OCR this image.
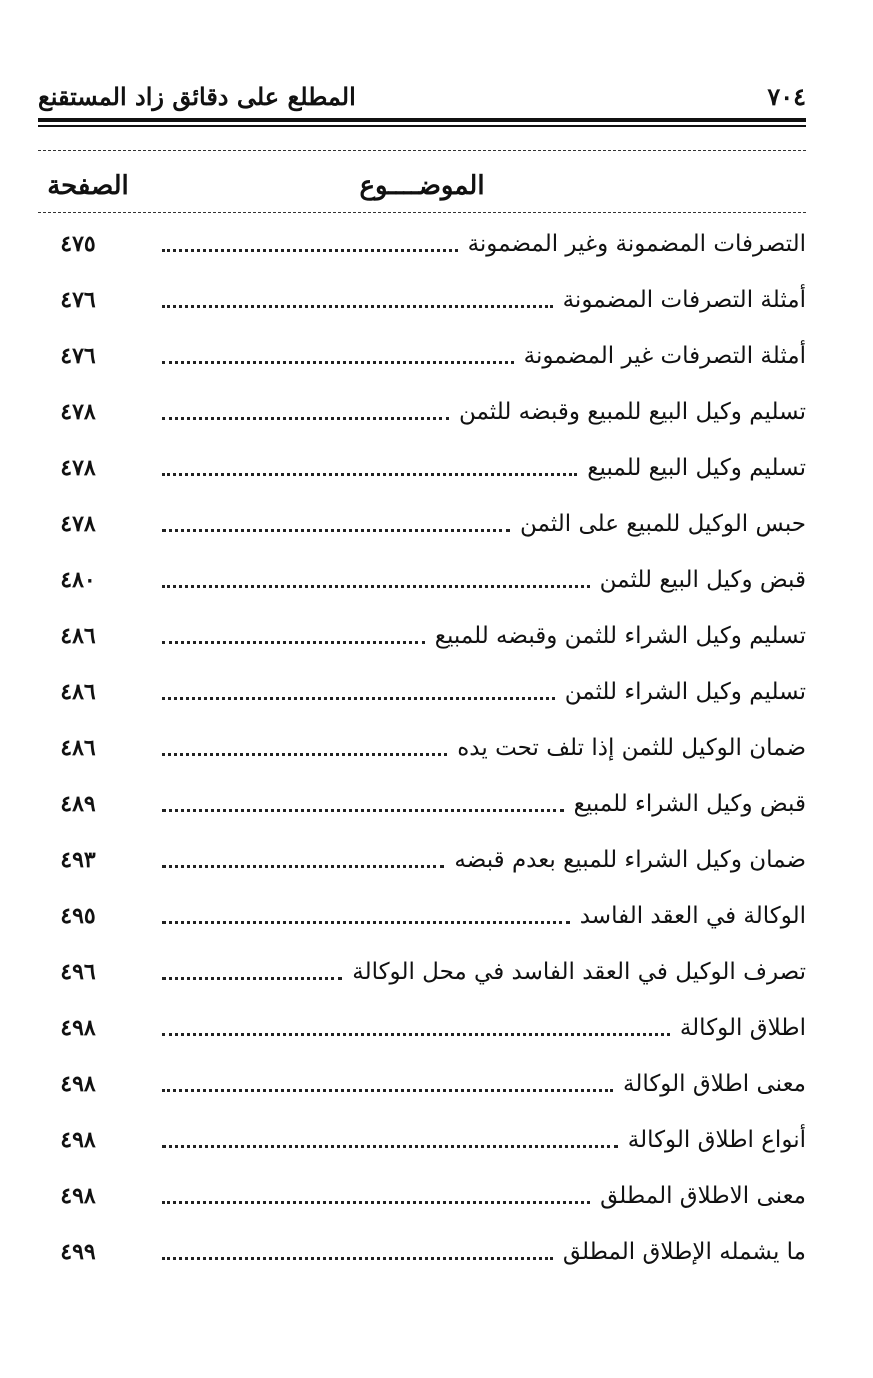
٧٠٤
المطلع على دقائق زاد المستقنع
الموضــــوع
الصفحة
التصرفات المضمونة وغير المضمونة
٤٧٥
أمثلة التصرفات المضمونة
٤٧٦
أمثلة التصرفات غير المضمونة
٤٧٦
تسليم وكيل البيع للمبيع وقبضه للثمن
٤٧٨
تسليم وكيل البيع للمبيع
٤٧٨
حبس الوكيل للمبيع على الثمن
٤٧٨
قبض وكيل البيع للثمن
٤٨٠
تسليم وكيل الشراء للثمن وقبضه للمبيع
٤٨٦
تسليم وكيل الشراء للثمن
٤٨٦
ضمان الوكيل للثمن إذا تلف تحت يده
٤٨٦
قبض وكيل الشراء للمبيع
٤٨٩
ضمان وكيل الشراء للمبيع بعدم قبضه
٤٩٣
الوكالة في العقد الفاسد
٤٩٥
تصرف الوكيل في العقد الفاسد في محل الوكالة
٤٩٦
اطلاق الوكالة
٤٩٨
معنى اطلاق الوكالة
٤٩٨
أنواع اطلاق الوكالة
٤٩٨
معنى الاطلاق المطلق
٤٩٨
ما يشمله الإطلاق المطلق
٤٩٩
